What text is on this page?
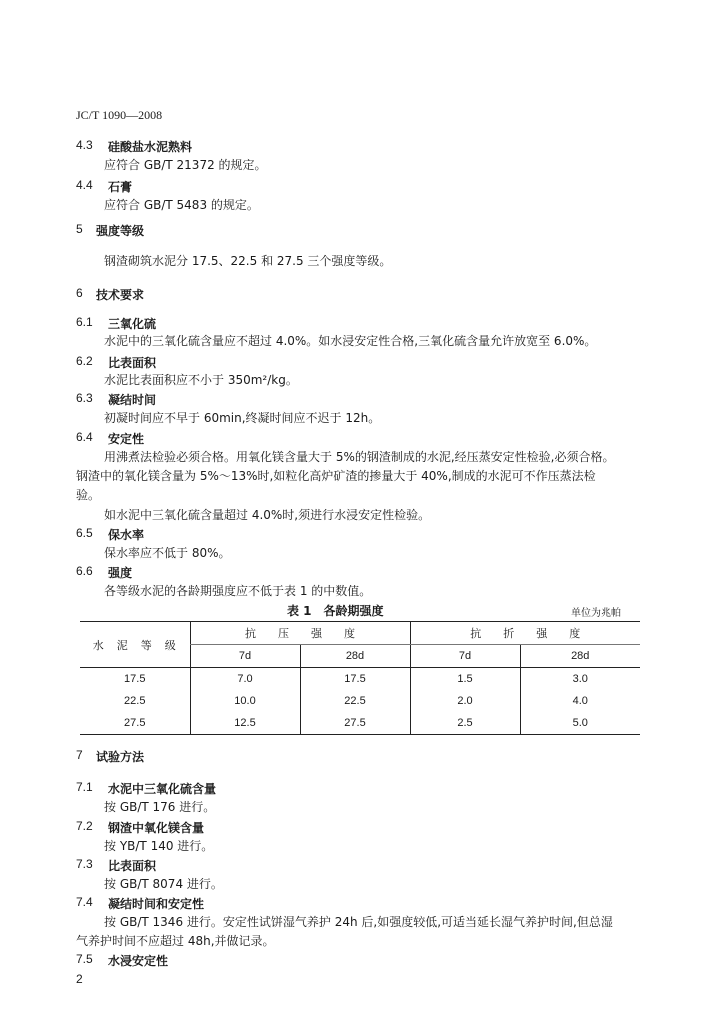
JC/T 1090—2008
4.3 硅酸盐水泥熟料
应符合 GB/T 21372 的规定。
4.4 石膏
应符合 GB/T 5483 的规定。
5 强度等级
钢渣砌筑水泥分 17.5、22.5 和 27.5 三个强度等级。
6 技术要求
6.1 三氧化硫
水泥中的三氧化硫含量应不超过 4.0%。如水浸安定性合格,三氧化硫含量允许放宽至 6.0%。
6.2 比表面积
水泥比表面积应不小于 350m²/kg。
6.3 凝结时间
初凝时间应不早于 60min,终凝时间应不迟于 12h。
6.4 安定性
用沸煮法检验必须合格。用氧化镁含量大于 5%的钢渣制成的水泥,经压蒸安定性检验,必须合格。
钢渣中的氧化镁含量为 5%～13%时,如粒化高炉矿渣的掺量大于 40%,制成的水泥可不作压蒸法检
验。
如水泥中三氧化硫含量超过 4.0%时,须进行水浸安定性检验。
6.5 保水率
保水率应不低于 80%。
6.6 强度
各等级水泥的各龄期强度应不低于表 1 的中数值。
表 1　各龄期强度	单位为兆帕
水　泥　等　级	抗　　压　　强　　度		抗　　折　　强　　度	
	7d	28d	7d	28d
17.5	7.0	17.5	1.5	3.0
22.5	10.0	22.5	2.0	4.0
27.5	12.5	27.5	2.5	5.0
7 试验方法
7.1 水泥中三氧化硫含量
按 GB/T 176 进行。
7.2 钢渣中氧化镁含量
按 YB/T 140 进行。
7.3 比表面积
按 GB/T 8074 进行。
7.4 凝结时间和安定性
按 GB/T 1346 进行。安定性试饼湿气养护 24h 后,如强度较低,可适当延长湿气养护时间,但总湿
气养护时间不应超过 48h,并做记录。
7.5 水浸安定性
2
